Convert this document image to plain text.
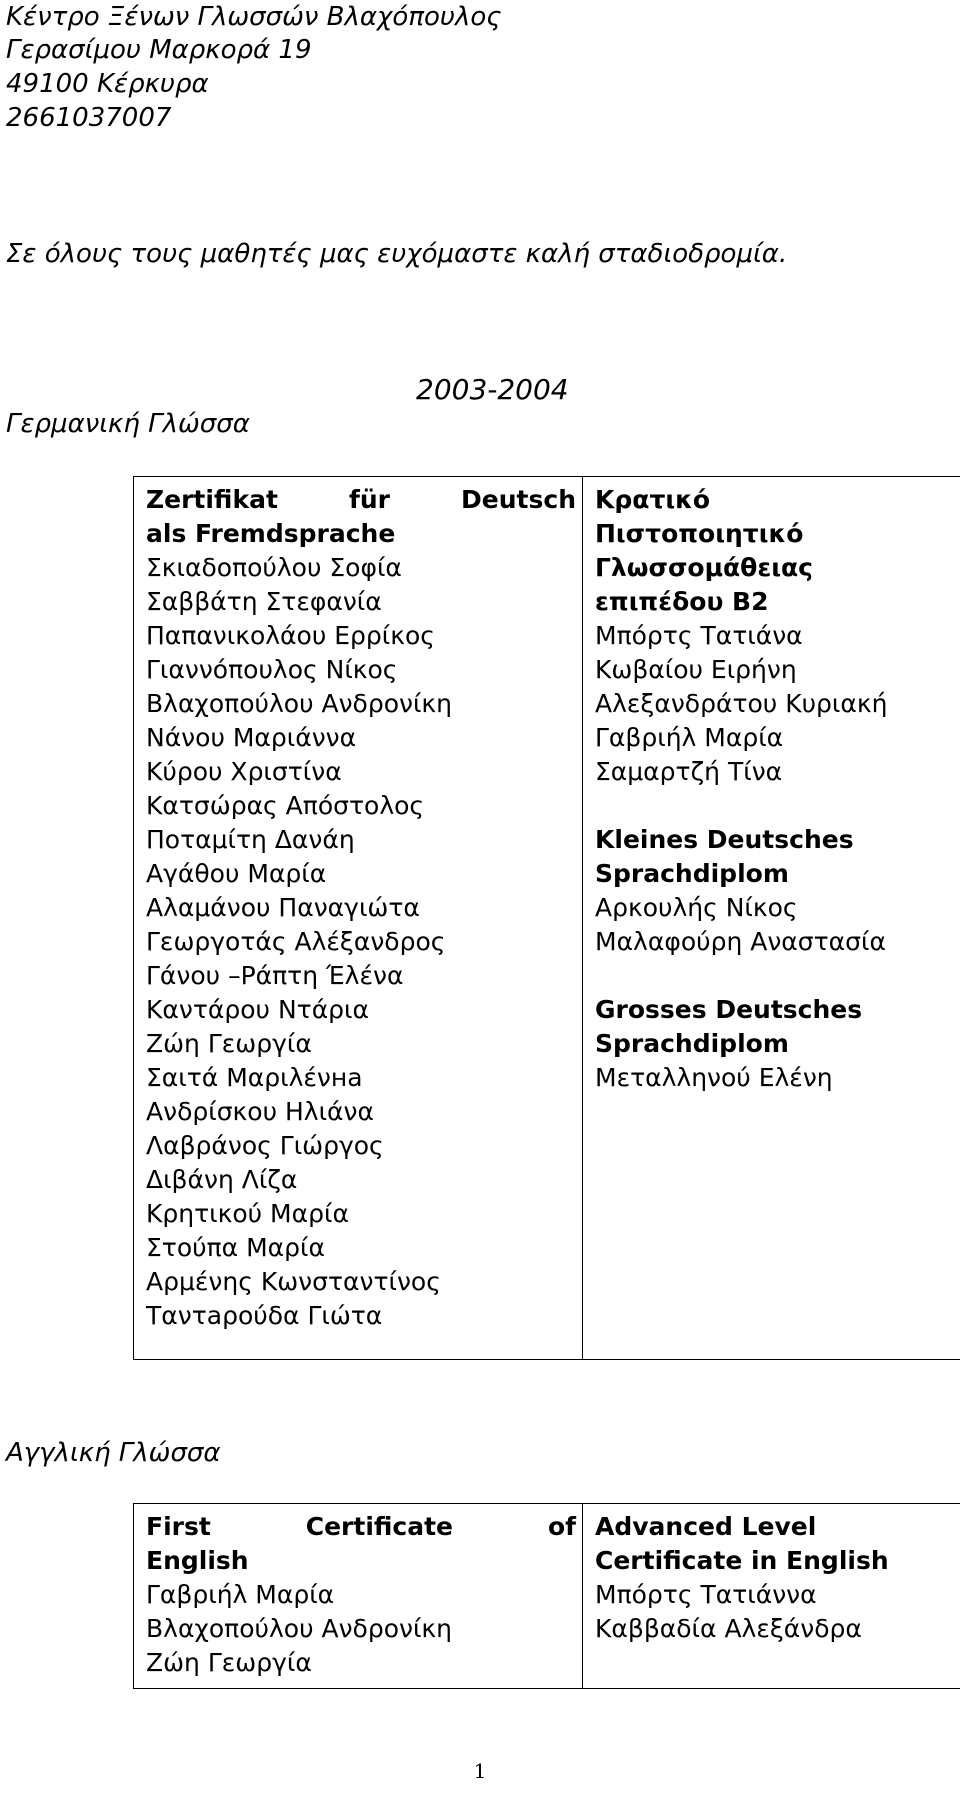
Κέντρο Ξένων Γλωσσών Βλαχόπουλος
Γερασίμου Μαρκορά 19
49100 Κέρκυρα
2661037007
Σε όλους τους μαθητές μας ευχόμαστε καλή σταδιοδρομία.
2003-2004
Γερμανική Γλώσσα
Zertifikat für Deutsch
als Fremdsprache
Σκιαδοπούλου Σοφία
Σαββάτη Στεφανία
Παπανικολάου Ερρίκος
Γιαννόπουλος Νίκος
Βλαχοπούλου Ανδρονίκη
Νάνου Μαριάννα
Κύρου Χριστίνα
Κατσώρας Απόστολος
Ποταμίτη Δανάη
Αγάθου Μαρία
Αλαμάνου Παναγιώτα
Γεωργοτάς Αλέξανδρος
Γάνου –Ράπτη Έλένα
Καντάρου Ντάρια
Ζώη Γεωργία
Σαιτά Μαριλένна
Ανδρίσκου Ηλιάνα
Λαβράνος Γιώργος
Διβάνη Λίζα
Κρητικού Μαρία
Στούπα Μαρία
Αρμένης Κωνσταντίνος
Ταντaρούδα Γιώτα

Κρατικό
Πιστοποιητικό
Γλωσσομάθειας
επιπέδου Β2
Μπόρτς Τατιάνα
Κωβαίου Ειρήνη
Αλεξανδράτου Κυριακή
Γαβριήλ Μαρία
Σαμαρτζή Τίνα
Kleines Deutsches
Sprachdiplom
Αρκουλής Νίκος
Μαλαφούρη Αναστασία
Grosses Deutsches
Sprachdiplom
Μεταλληνού Ελένη
Αγγλική Γλώσσα
First Certificate of
English
Γαβριήλ Μαρία
Βλαχοπούλου Ανδρονίκη
Ζώη Γεωργία

Advanced Level
Certificate in English
Μπόρτς Τατιάννα
Καββαδία Αλεξάνδρα
1
